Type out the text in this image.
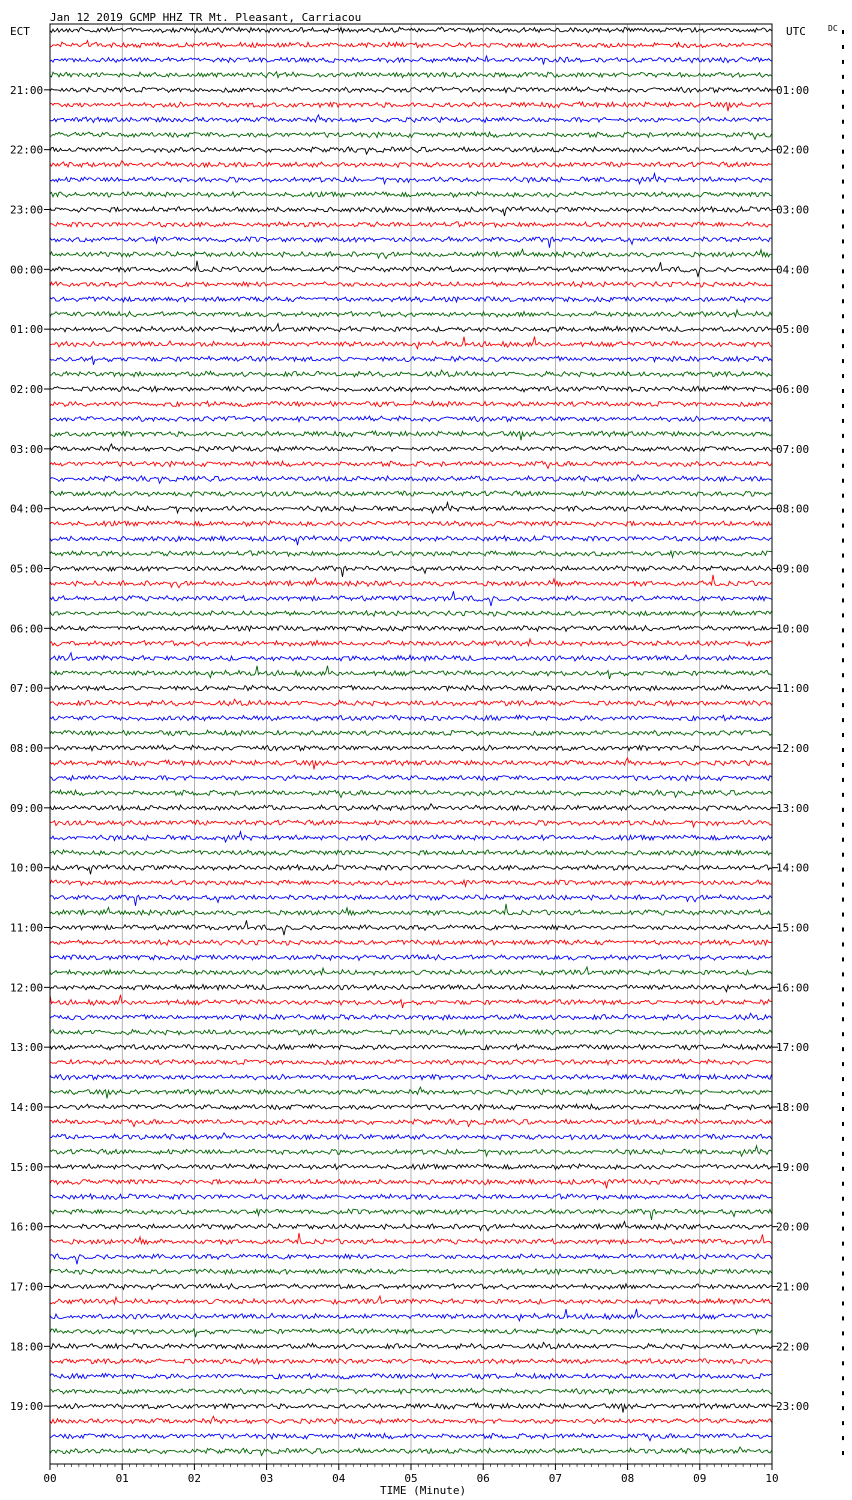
Jan 12 2019 GCMP HHZ TR Mt. Pleasant, Carriacou
ECT	UTC	DC
00	01	02	03	04	05	06	07	08	09	10
21:00	01:00
22:00	02:00
23:00	03:00
00:00	04:00
01:00	05:00
02:00	06:00
03:00	07:00
04:00	08:00
05:00	09:00
06:00	10:00
07:00	11:00
08:00	12:00
09:00	13:00
10:00	14:00
11:00	15:00
12:00	16:00
13:00	17:00
14:00	18:00
15:00	19:00
16:00	20:00
17:00	21:00
18:00	22:00
19:00	23:00
TIME (Minute)
